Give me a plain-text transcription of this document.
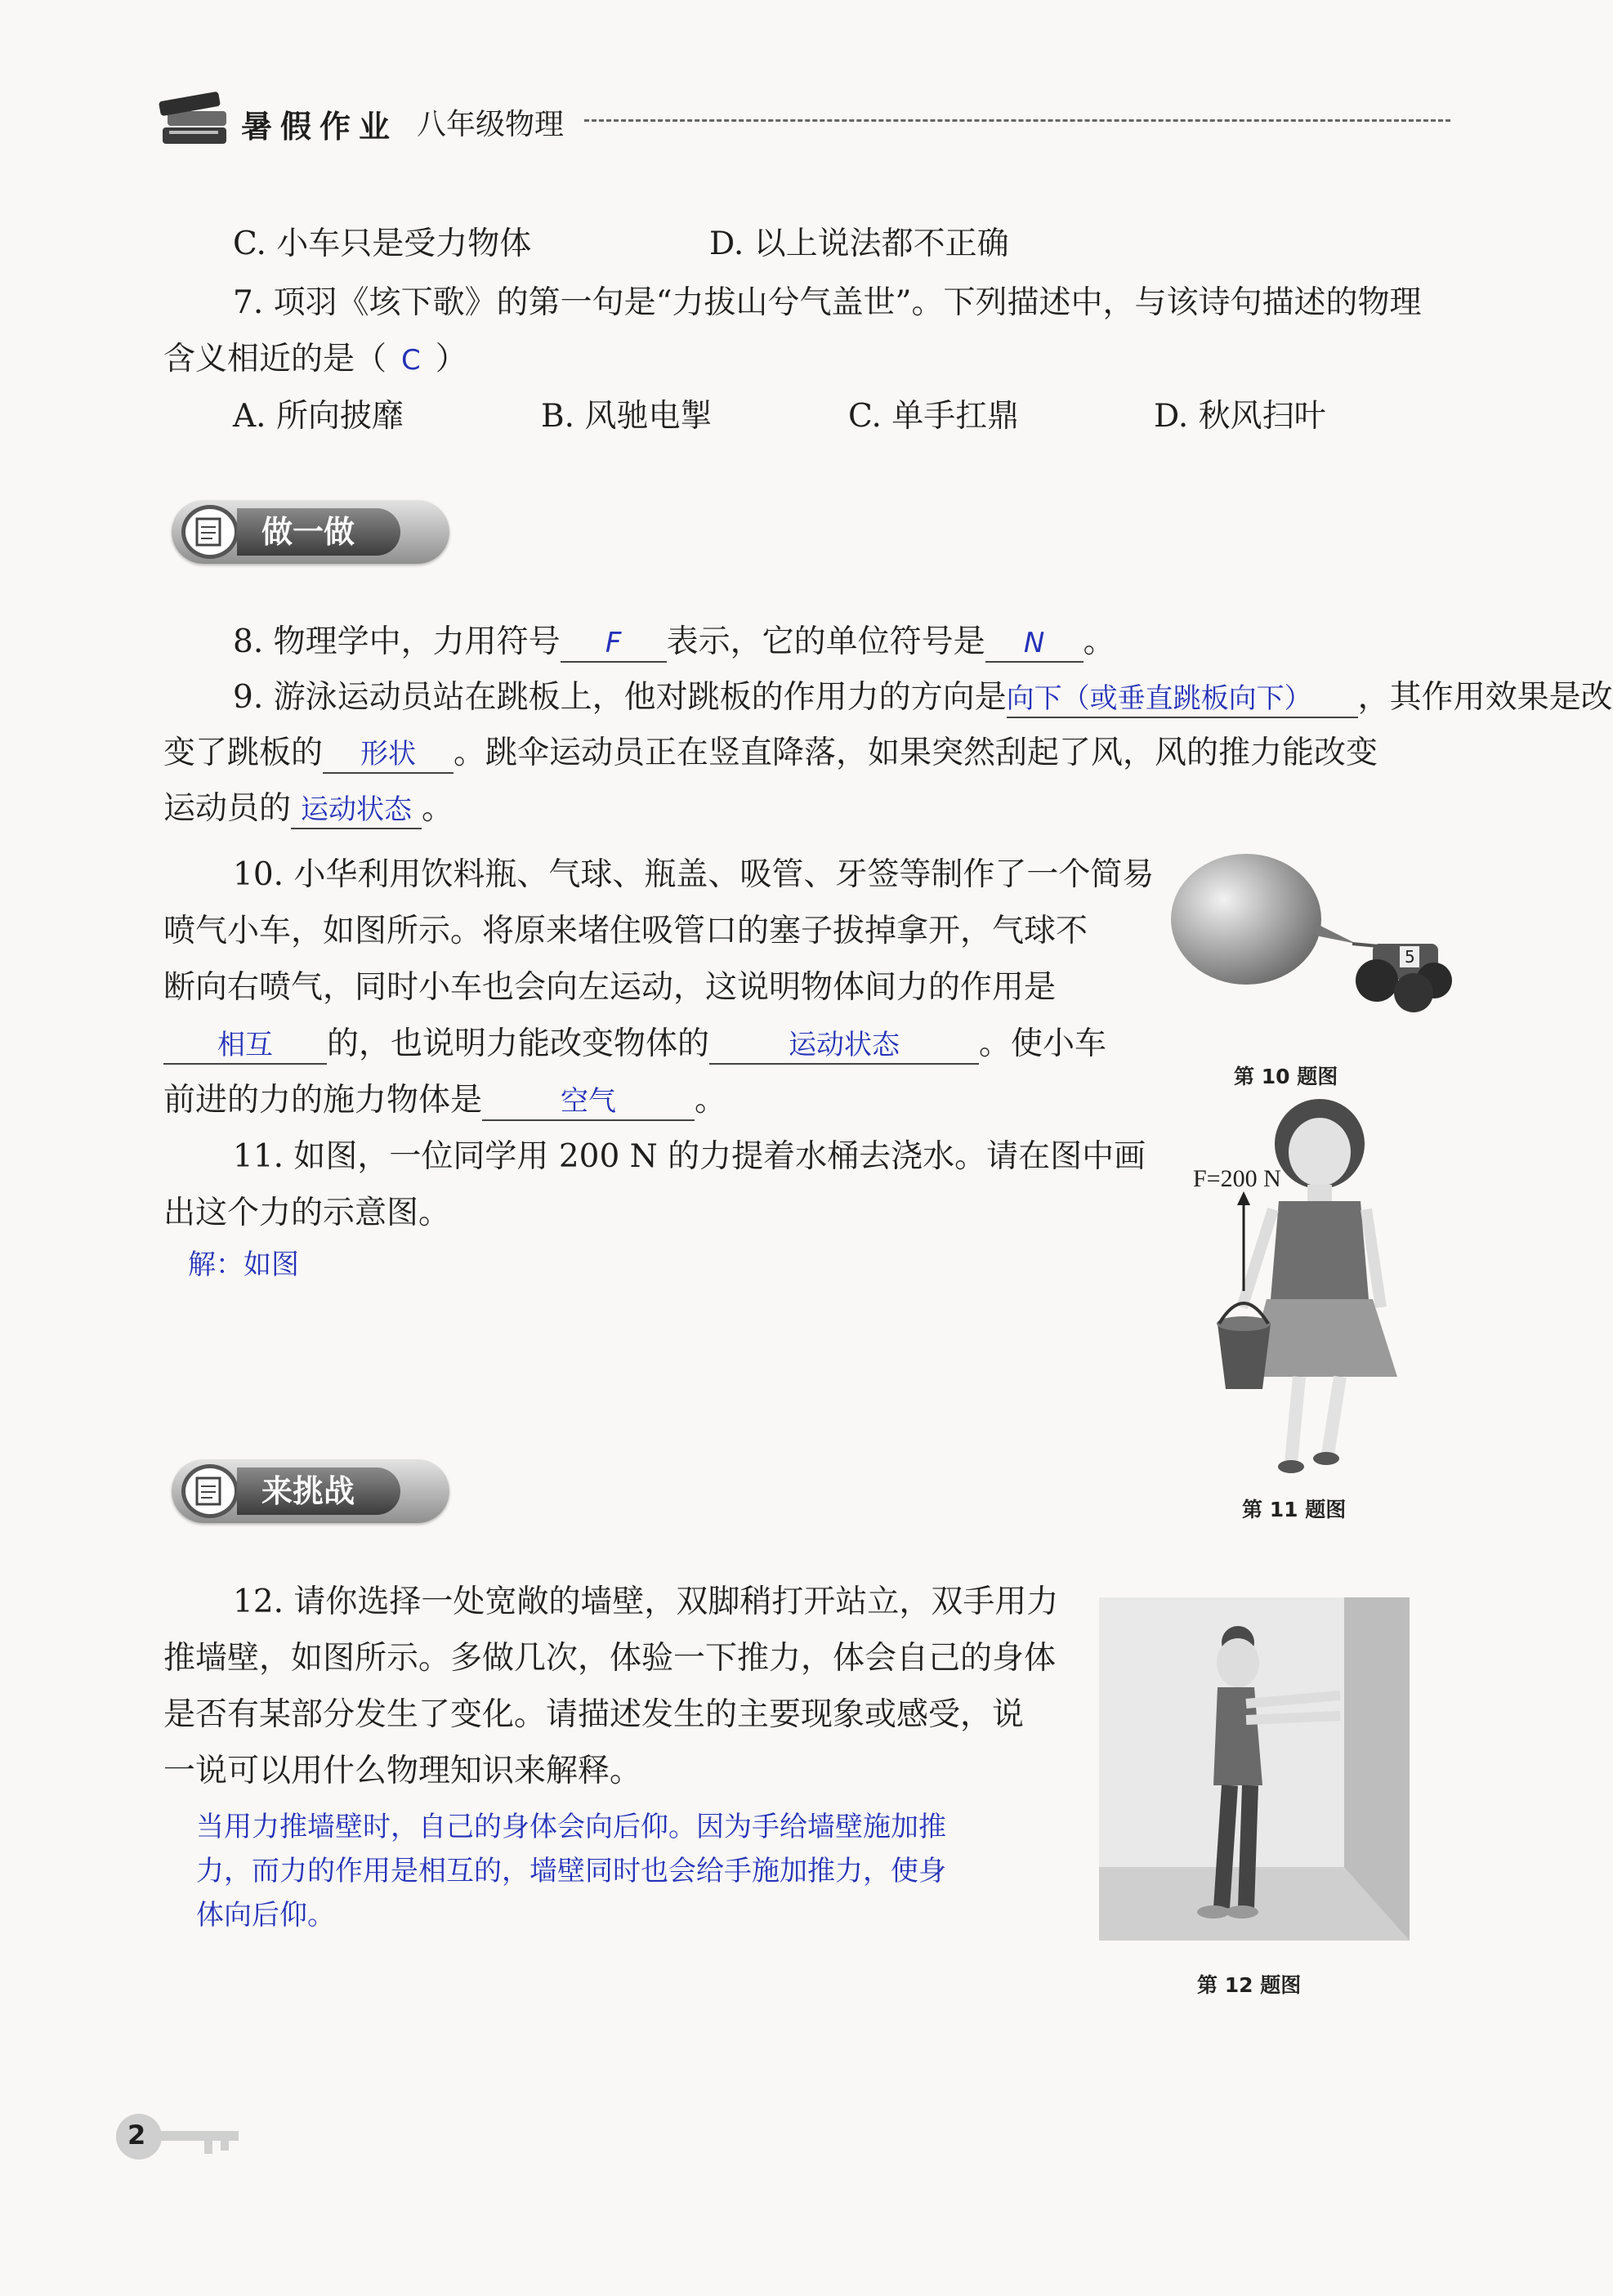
暑假作业 八年级物理
C. 小车只是受力物体	D. 以上说法都不正确
7. 项羽《垓下歌》的第一句是“力拔山兮气盖世”。下列描述中，与该诗句描述的物理
含义相近的是（ C ）
A. 所向披靡	B. 风驰电掣	C. 单手扛鼎	D. 秋风扫叶
做一做
8. 物理学中，力用符号 F 表示，它的单位符号是 N 。
9. 游泳运动员站在跳板上，他对跳板的作用力的方向是向下（或垂直跳板向下） ，其作用效果是改
变了跳板的 形状 。跳伞运动员正在竖直降落，如果突然刮起了风，风的推力能改变
运动员的 运动状态 。
10. 小华利用饮料瓶、气球、瓶盖、吸管、牙签等制作了一个简易
喷气小车，如图所示。将原来堵住吸管口的塞子拔掉拿开，气球不
断向右喷气，同时小车也会向左运动，这说明物体间力的作用是
相互 的，也说明力能改变物体的	运动状态 。使小车
前进的力的施力物体是	空气 。
5
第 10 题图
11. 如图，一位同学用 200 N 的力提着水桶去浇水。请在图中画
出这个力的示意图。
解：如图
F=200 N
第 11 题图
来挑战
12. 请你选择一处宽敞的墙壁，双脚稍打开站立，双手用力
推墙壁，如图所示。多做几次，体验一下推力，体会自己的身体
是否有某部分发生了变化。请描述发生的主要现象或感受，说
一说可以用什么物理知识来解释。
当用力推墙壁时，自己的身体会向后仰。因为手给墙壁施加推
力，而力的作用是相互的，墙壁同时也会给手施加推力，使身
体向后仰。
第 12 题图
2
